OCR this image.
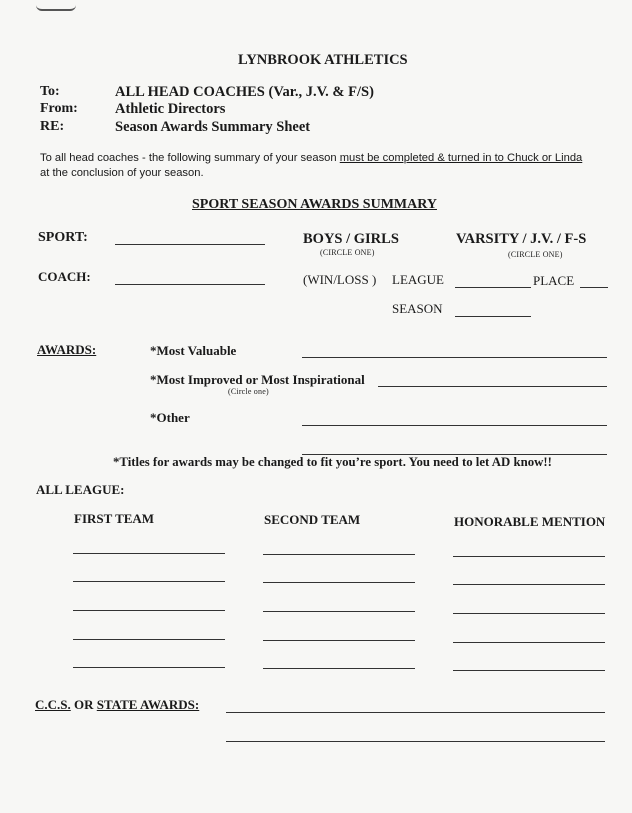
LYNBROOK ATHLETICS
To:	ALL HEAD COACHES (Var., J.V. & F/S)
From:	Athletic Directors
RE:	Season Awards Summary Sheet
To all head coaches - the following summary of your season must be completed & turned in to Chuck or Linda
at the conclusion of your season.
SPORT SEASON AWARDS SUMMARY
SPORT:	BOYS / GIRLS
(CIRCLE ONE)
VARSITY / J.V. / F-S
(CIRCLE ONE)
COACH:	(WIN/LOSS ) LEAGUE	PLACE
SEASON
AWARDS:	*Most Valuable
*Most Improved or Most Inspirational
(Circle one)
*Other
*Titles for awards may be changed to fit you’re sport. You need to let AD know!!
ALL LEAGUE:
FIRST TEAM	SECOND TEAM	HONORABLE MENTION
C.C.S. OR STATE AWARDS:
